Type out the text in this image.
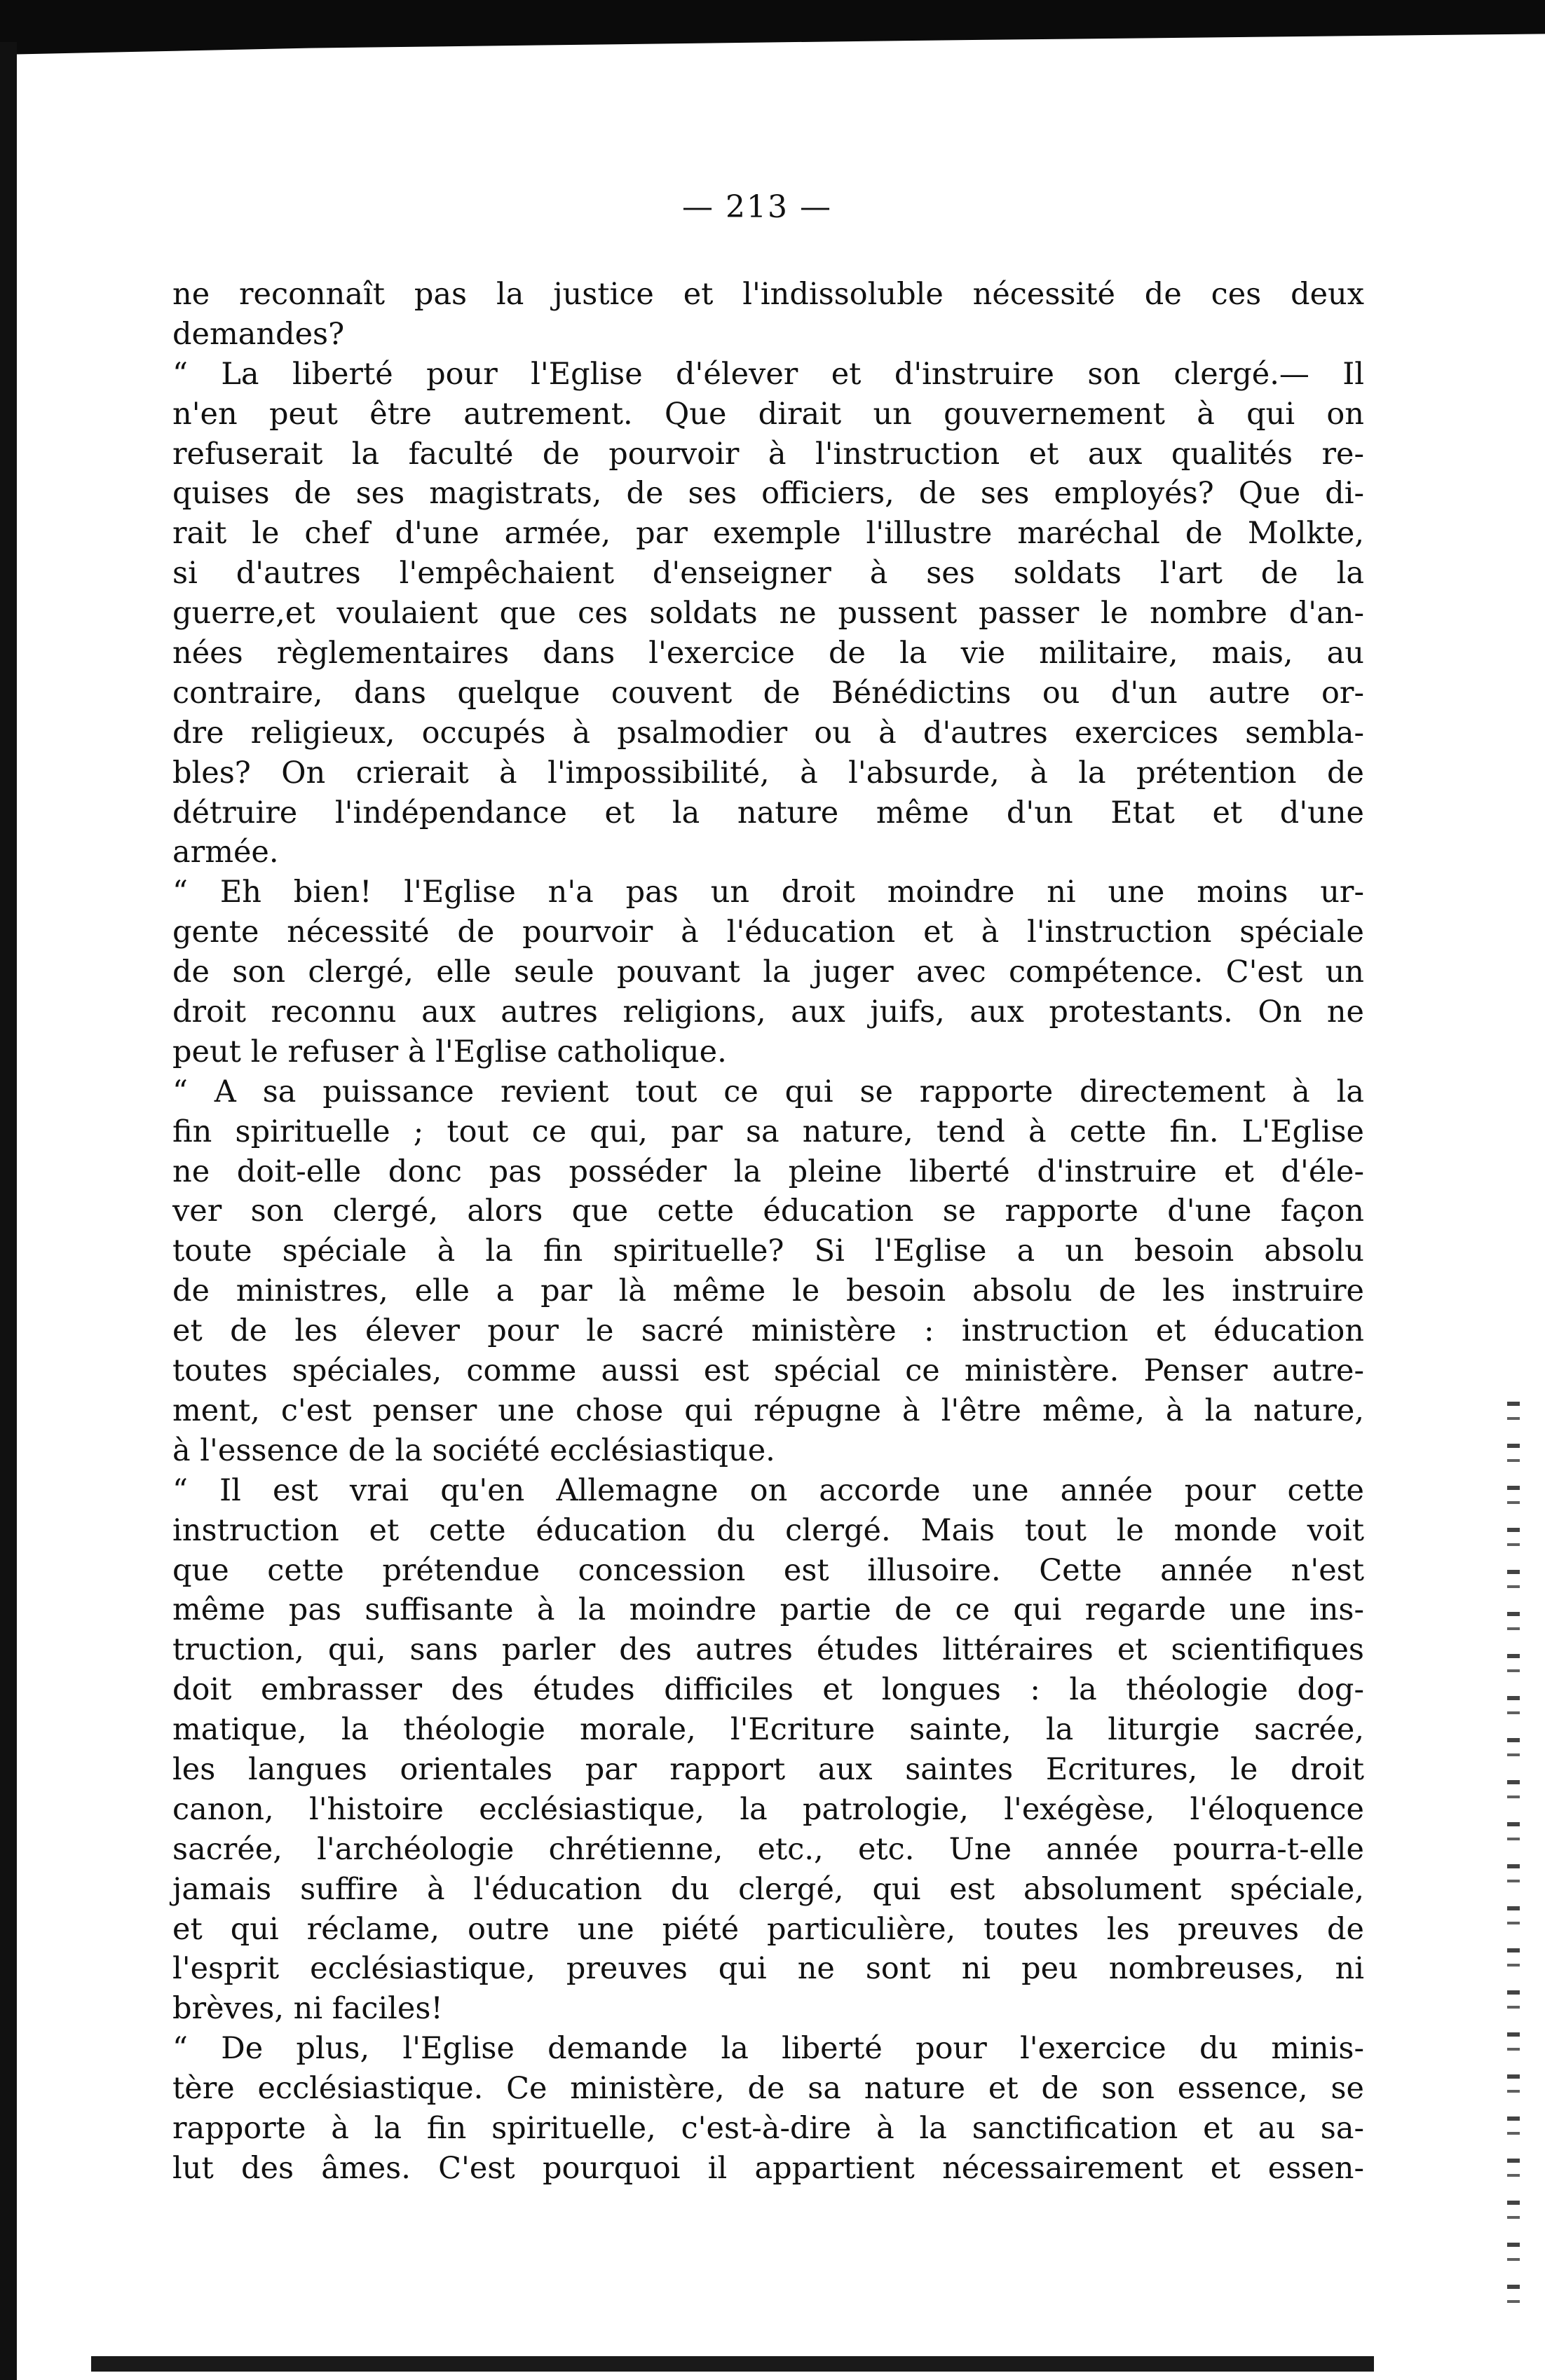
— 213 —
ne reconnaît pas la justice et l'indissoluble nécessité de ces deux
demandes?
“ La liberté pour l'Eglise d'élever et d'instruire son clergé.— Il
n'en peut être autrement. Que dirait un gouvernement à qui on
refuserait la faculté de pourvoir à l'instruction et aux qualités re-
quises de ses magistrats, de ses officiers, de ses employés? Que di-
rait le chef d'une armée, par exemple l'illustre maréchal de Molkte,
si d'autres l'empêchaient d'enseigner à ses soldats l'art de la
guerre,et voulaient que ces soldats ne pussent passer le nombre d'an-
nées règlementaires dans l'exercice de la vie militaire, mais, au
contraire, dans quelque couvent de Bénédictins ou d'un autre or-
dre religieux, occupés à psalmodier ou à d'autres exercices sembla-
bles? On crierait à l'impossibilité, à l'absurde, à la prétention de
détruire l'indépendance et la nature même d'un Etat et d'une
armée.
“ Eh bien! l'Eglise n'a pas un droit moindre ni une moins ur-
gente nécessité de pourvoir à l'éducation et à l'instruction spéciale
de son clergé, elle seule pouvant la juger avec compétence. C'est un
droit reconnu aux autres religions, aux juifs, aux protestants. On ne
peut le refuser à l'Eglise catholique.
“ A sa puissance revient tout ce qui se rapporte directement à la
fin spirituelle ; tout ce qui, par sa nature, tend à cette fin. L'Eglise
ne doit-elle donc pas posséder la pleine liberté d'instruire et d'éle-
ver son clergé, alors que cette éducation se rapporte d'une façon
toute spéciale à la fin spirituelle? Si l'Eglise a un besoin absolu
de ministres, elle a par là même le besoin absolu de les instruire
et de les élever pour le sacré ministère : instruction et éducation
toutes spéciales, comme aussi est spécial ce ministère. Penser autre-
ment, c'est penser une chose qui répugne à l'être même, à la nature,
à l'essence de la société ecclésiastique.
“ Il est vrai qu'en Allemagne on accorde une année pour cette
instruction et cette éducation du clergé. Mais tout le monde voit
que cette prétendue concession est illusoire. Cette année n'est
même pas suffisante à la moindre partie de ce qui regarde une ins-
truction, qui, sans parler des autres études littéraires et scientifiques
doit embrasser des études difficiles et longues : la théologie dog-
matique, la théologie morale, l'Ecriture sainte, la liturgie sacrée,
les langues orientales par rapport aux saintes Ecritures, le droit
canon, l'histoire ecclésiastique, la patrologie, l'exégèse, l'éloquence
sacrée, l'archéologie chrétienne, etc., etc. Une année pourra-t-elle
jamais suffire à l'éducation du clergé, qui est absolument spéciale,
et qui réclame, outre une piété particulière, toutes les preuves de
l'esprit ecclésiastique, preuves qui ne sont ni peu nombreuses, ni
brèves, ni faciles!
“ De plus, l'Eglise demande la liberté pour l'exercice du minis-
tère ecclésiastique. Ce ministère, de sa nature et de son essence, se
rapporte à la fin spirituelle, c'est-à-dire à la sanctification et au sa-
lut des âmes. C'est pourquoi il appartient nécessairement et essen-
